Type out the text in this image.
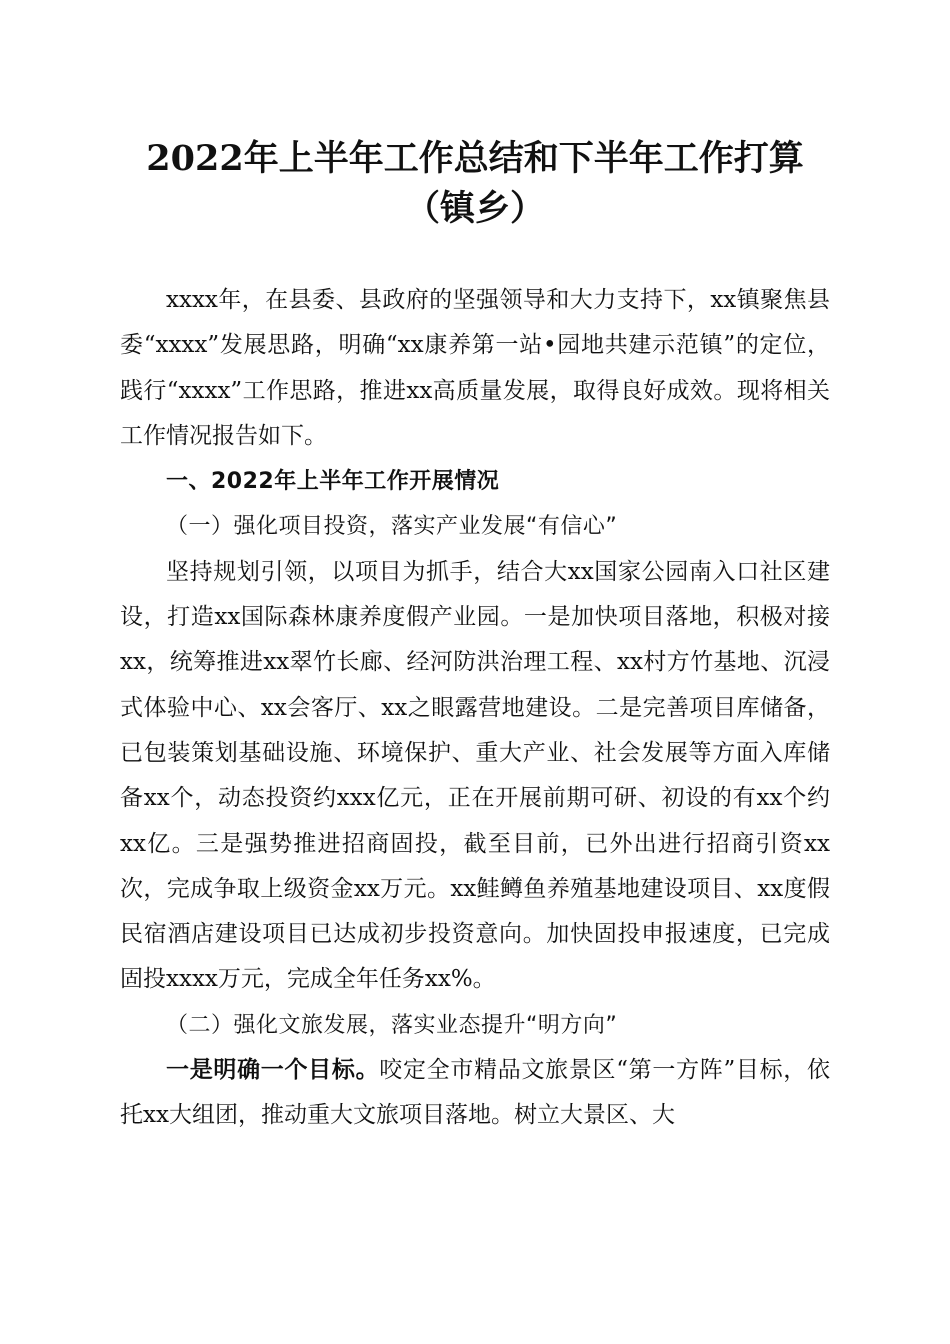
2022年上半年工作总结和下半年工作打算
（镇乡）

xxxx年，在县委、县政府的坚强领导和大力支持下，xx镇聚焦县委“xxxx”发展思路，明确“xx康养第一站•园地共建示范镇”的定位，践行“xxxx”工作思路，推进xx高质量发展，取得良好成效。现将相关工作情况报告如下。

一、2022年上半年工作开展情况

（一）强化项目投资，落实产业发展“有信心”

坚持规划引领，以项目为抓手，结合大xx国家公园南入口社区建设，打造xx国际森林康养度假产业园。一是加快项目落地，积极对接xx，统筹推进xx翠竹长廊、经河防洪治理工程、xx村方竹基地、沉浸式体验中心、xx会客厅、xx之眼露营地建设。二是完善项目库储备，已包装策划基础设施、环境保护、重大产业、社会发展等方面入库储备xx个，动态投资约xxx亿元，正在开展前期可研、初设的有xx个约xx亿。三是强势推进招商固投，截至目前，已外出进行招商引资xx次，完成争取上级资金xx万元。xx鲑鳟鱼养殖基地建设项目、xx度假民宿酒店建设项目已达成初步投资意向。加快固投申报速度，已完成固投xxxx万元，完成全年任务xx%。

（二）强化文旅发展，落实业态提升“明方向”

一是明确一个目标。咬定全市精品文旅景区“第一方阵”目标，依托xx大组团，推动重大文旅项目落地。树立大景区、大
